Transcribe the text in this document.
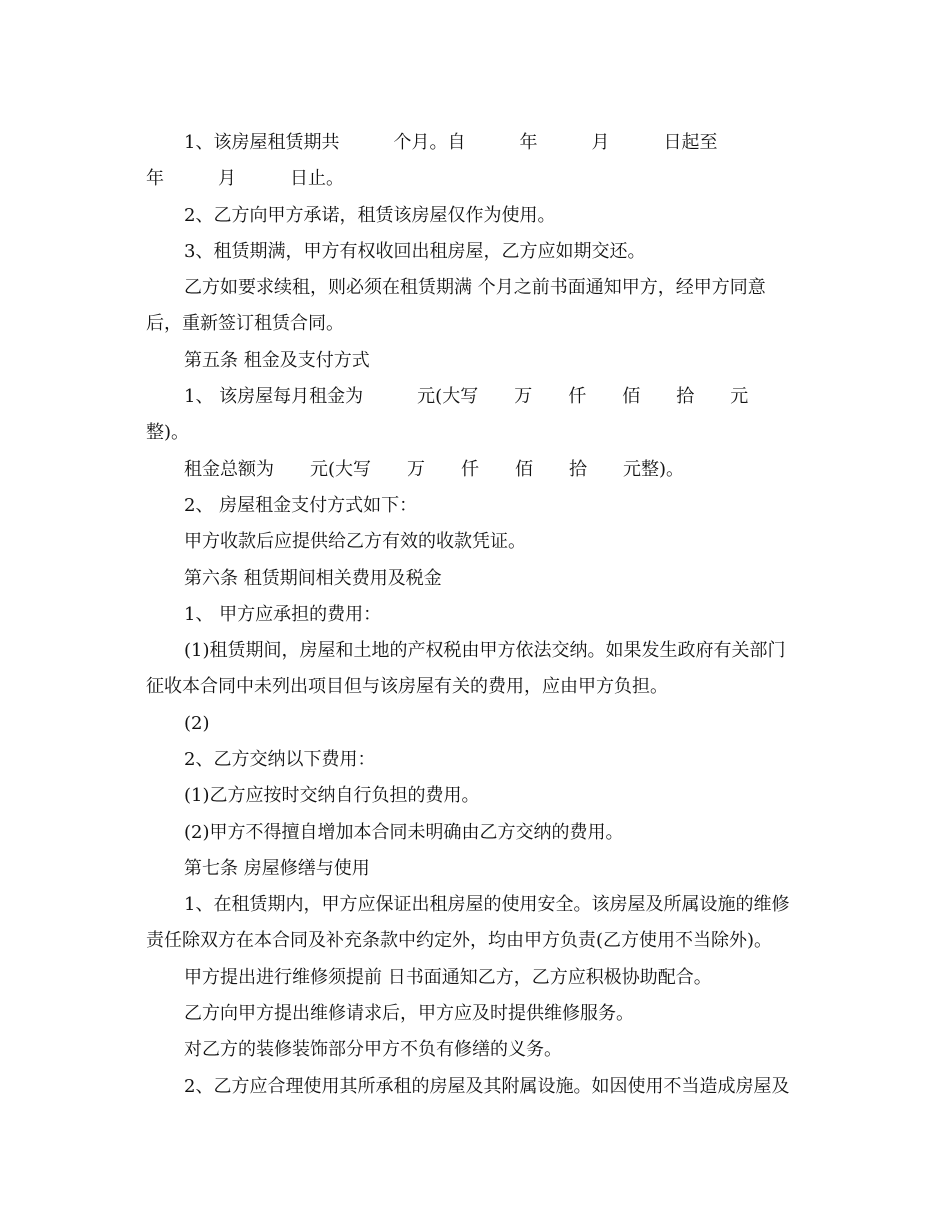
1、该房屋租赁期共　　　个月。自　　　年　　　月　　　日起至
年　　　月　　　日止。
2、乙方向甲方承诺，租赁该房屋仅作为使用。
3、租赁期满，甲方有权收回出租房屋，乙方应如期交还。
乙方如要求续租，则必须在租赁期满 个月之前书面通知甲方，经甲方同意
后，重新签订租赁合同。
第五条 租金及支付方式
1、 该房屋每月租金为　　　元(大写　　万　　仟　　佰　　拾　　元
整)。
租金总额为　　元(大写　　万　　仟　　佰　　拾　　元整)。
2、 房屋租金支付方式如下：
甲方收款后应提供给乙方有效的收款凭证。
第六条 租赁期间相关费用及税金
1、 甲方应承担的费用：
(1)租赁期间，房屋和土地的产权税由甲方依法交纳。如果发生政府有关部门
征收本合同中未列出项目但与该房屋有关的费用，应由甲方负担。
(2)
2、乙方交纳以下费用：
(1)乙方应按时交纳自行负担的费用。
(2)甲方不得擅自增加本合同未明确由乙方交纳的费用。
第七条 房屋修缮与使用
1、在租赁期内，甲方应保证出租房屋的使用安全。该房屋及所属设施的维修
责任除双方在本合同及补充条款中约定外，均由甲方负责(乙方使用不当除外)。
甲方提出进行维修须提前 日书面通知乙方，乙方应积极协助配合。
乙方向甲方提出维修请求后，甲方应及时提供维修服务。
对乙方的装修装饰部分甲方不负有修缮的义务。
2、乙方应合理使用其所承租的房屋及其附属设施。如因使用不当造成房屋及
